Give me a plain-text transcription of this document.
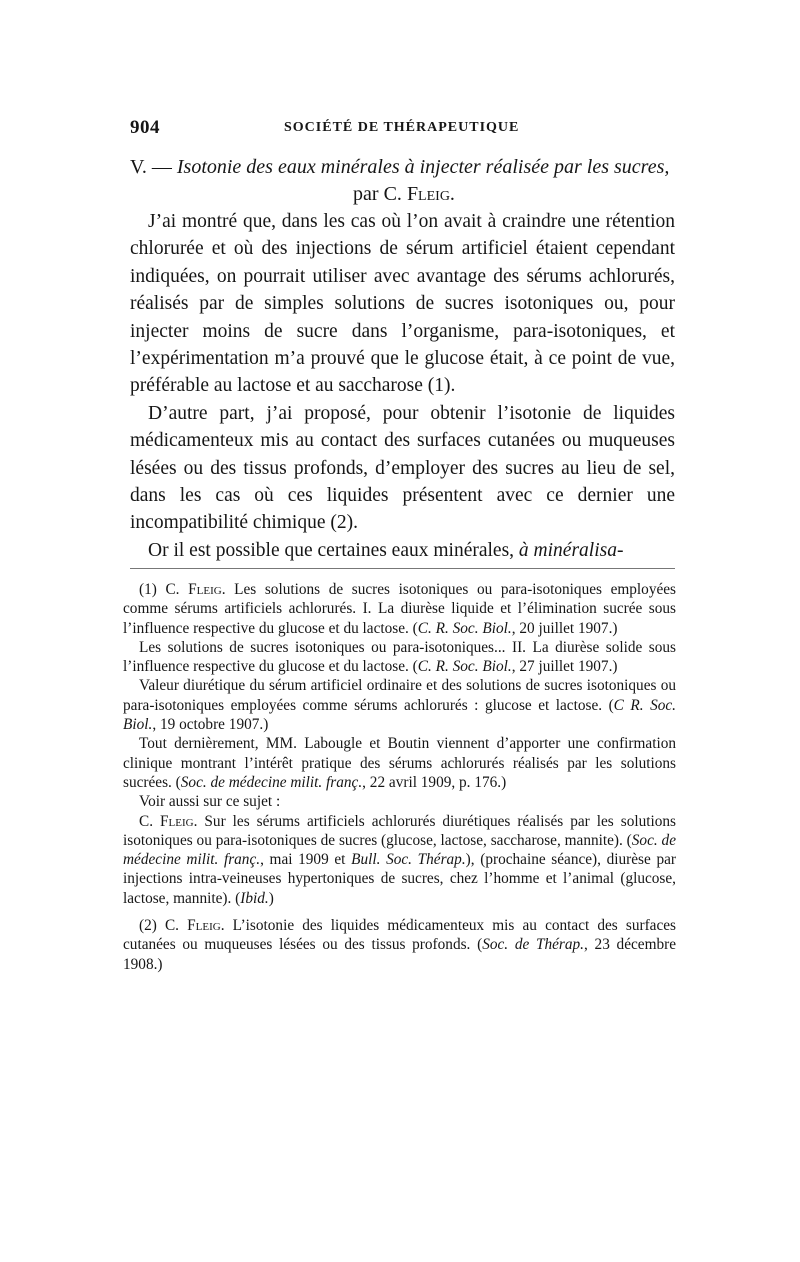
904	SOCIÉTÉ DE THÉRAPEUTIQUE
V. — Isotonie des eaux minérales à injecter réalisée par les sucres,
par C. Fleig.

J’ai montré que, dans les cas où l’on avait à craindre une rétention chlorurée et où des injections de sérum artificiel étaient cependant indiquées, on pourrait utiliser avec avantage des sérums achlorurés, réalisés par de simples solutions de sucres isotoniques ou, pour injecter moins de sucre dans l’organisme, para-isotoniques, et l’expérimentation m’a prouvé que le glucose était, à ce point de vue, préférable au lactose et au saccharose (1).

D’autre part, j’ai proposé, pour obtenir l’isotonie de liquides médicamenteux mis au contact des surfaces cutanées ou muqueuses lésées ou des tissus profonds, d’employer des sucres au lieu de sel, dans les cas où ces liquides présentent avec ce dernier une incompatibilité chimique (2).

Or il est possible que certaines eaux minérales, à minéralisa-

(1) C. Fleig. Les solutions de sucres isotoniques ou para-isotoniques employées comme sérums artificiels achlorurés. I. La diurèse liquide et l’élimination sucrée sous l’influence respective du glucose et du lactose. (C. R. Soc. Biol., 20 juillet 1907.)

Les solutions de sucres isotoniques ou para-isotoniques... II. La diurèse solide sous l’influence respective du glucose et du lactose. (C. R. Soc. Biol., 27 juillet 1907.)

Valeur diurétique du sérum artificiel ordinaire et des solutions de sucres isotoniques ou para-isotoniques employées comme sérums achlorurés : glucose et lactose. (C R. Soc. Biol., 19 octobre 1907.)

Tout dernièrement, MM. Labougle et Boutin viennent d’apporter une confirmation clinique montrant l’intérêt pratique des sérums achlorurés réalisés par les solutions sucrées. (Soc. de médecine milit. franç., 22 avril 1909, p. 176.)

Voir aussi sur ce sujet :

C. Fleig. Sur les sérums artificiels achlorurés diurétiques réalisés par les solutions isotoniques ou para-isotoniques de sucres (glucose, lactose, saccharose, mannite). (Soc. de médecine milit. franç., mai 1909 et Bull. Soc. Thérap.), (prochaine séance), diurèse par injections intra-veineuses hypertoniques de sucres, chez l’homme et l’animal (glucose, lactose, mannite). (Ibid.)

(2) C. Fleig. L’isotonie des liquides médicamenteux mis au contact des surfaces cutanées ou muqueuses lésées ou des tissus profonds. (Soc. de Thérap., 23 décembre 1908.)
